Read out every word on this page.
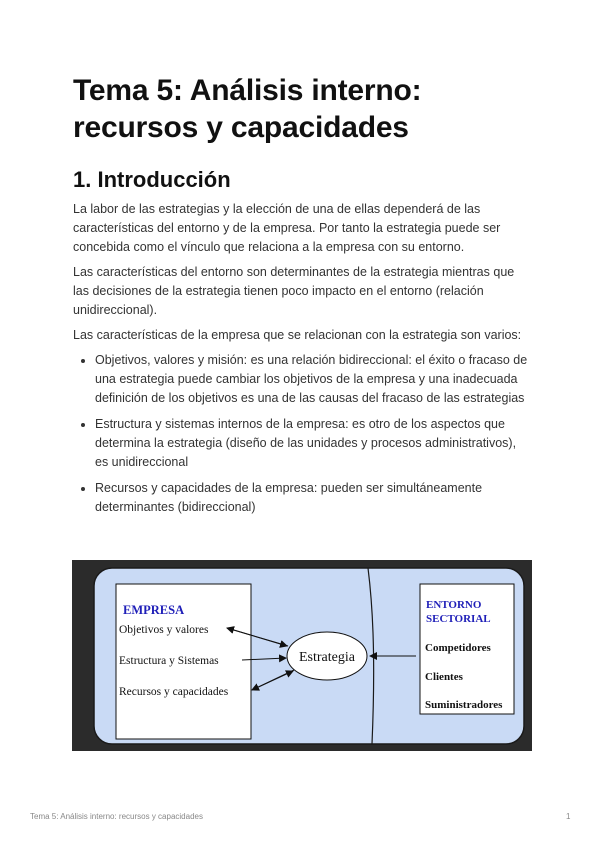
Tema 5: Análisis interno: recursos y capacidades
1. Introducción

La labor de las estrategias y la elección de una de ellas dependerá de las características del entorno y de la empresa. Por tanto la estrategia puede ser concebida como el vínculo que relaciona a la empresa con su entorno.

Las características del entorno son determinantes de la estrategia mientras que las decisiones de la estrategia tienen poco impacto en el entorno (relación unidireccional).

Las características de la empresa que se relacionan con la estrategia son varios:

• Objetivos, valores y misión: es una relación bidireccional: el éxito o fracaso de una estrategia puede cambiar los objetivos de la empresa y una inadecuada definición de los objetivos es una de las causas del fracaso de las estrategias
• Estructura y sistemas internos de la empresa: es otro de los aspectos que determina la estrategia (diseño de las unidades y procesos administrativos), es unidireccional
• Recursos y capacidades de la empresa: pueden ser simultáneamente determinantes (bidireccional)
EMPRESA
Objetivos y valores
Estructura y Sistemas
Recursos y capacidades
Estrategia
ENTORNO
SECTORIAL
Competidores
Clientes
Suministradores
Tema 5: Análisis interno: recursos y capacidades	1
